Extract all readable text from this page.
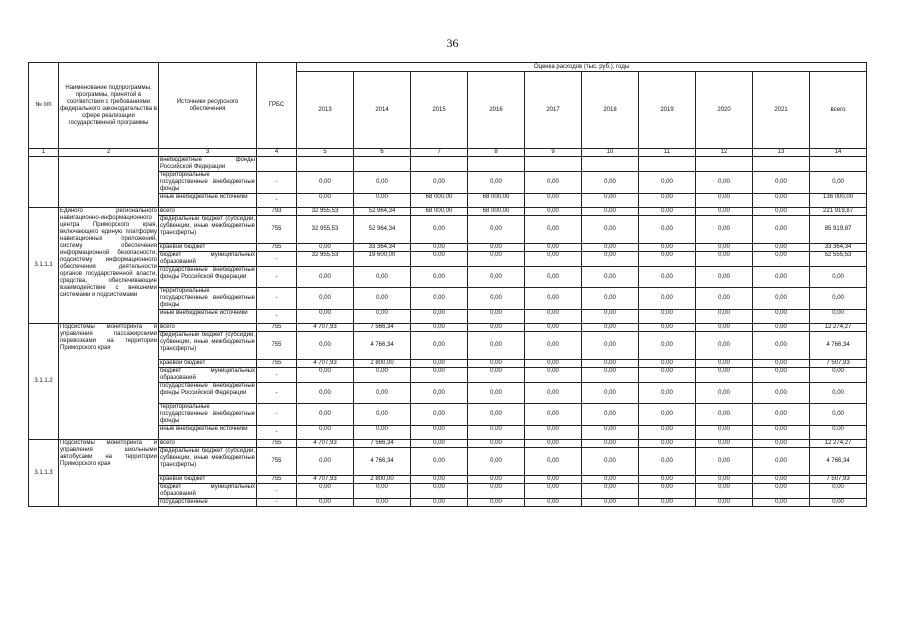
36
№ п/п	Наименование подпрограммы, программы, принятой в соответствии с требованиями федерального законодательства в сфере реализации государственной программы	Источники ресурсного обеспечения	ГРБС	Оценка расходов (тыс. руб.), годы									
				2013	2014	2015	2016	2017	2018	2019	2020	2021	всего
1	2	3	4	5	6	7	8	9	10	11	12	13	14
		внебюджетные фонды Российской Федерации											
		территориальные государственные внебюджетные фонды	-	0,00	0,00	0,00	0,00	0,00	0,00	0,00	0,00	0,00	0,00
		иные внебюджетные источники	-	0,00	0,00	68 000,00	68 000,00	0,00	0,00	0,00	0,00	0,00	136 000,00
3.1.1.1	Единого регионального навигационно-информационного центра Приморского края, включающего единую платформу навигационных приложений, систему обеспечения информационной безопасности, подсистему информационного обеспечения деятельности органов государственной власти, средства, обеспечивающие взаимодействие с внешними системами и подсистемами	всего	793	32 955,53	52 964,34	68 000,00	68 000,00	0,00	0,00	0,00	0,00	0,00	221 919,87
		федеральный бюджет (субсидии, субвенции, иные межбюджетные трансферты)	755	32 955,53	52 964,34	0,00	0,00	0,00	0,00	0,00	0,00	0,00	85 919,87
		краевой бюджет	755	0,00	33 364,34	0,00	0,00	0,00	0,00	0,00	0,00	0,00	33 364,34
		бюджет муниципальных образований	-	32 955,53	19 600,00	0,00	0,00	0,00	0,00	0,00	0,00	0,00	52 555,53
		государственные внебюджетные фонды Российской Федерации	-	0,00	0,00	0,00	0,00	0,00	0,00	0,00	0,00	0,00	0,00
		территориальные государственные внебюджетные фонды	-	0,00	0,00	0,00	0,00	0,00	0,00	0,00	0,00	0,00	0,00
		иные внебюджетные источники	-	0,00	0,00	0,00	0,00	0,00	0,00	0,00	0,00	0,00	0,00
3.1.1.2	Подсистемы мониторинга и управления пассажирскими перевозками на территории Приморского края	всего	755	4 707,93	7 566,34	0,00	0,00	0,00	0,00	0,00	0,00	0,00	12 274,27
		федеральный бюджет (субсидии, субвенции, иные межбюджетные трансферты)	755	0,00	4 766,34	0,00	0,00	0,00	0,00	0,00	0,00	0,00	4 766,34
		краевой бюджет	755	4 707,93	2 800,00	0,00	0,00	0,00	0,00	0,00	0,00	0,00	7 507,93
		бюджет муниципальных образований	-	0,00	0,00	0,00	0,00	0,00	0,00	0,00	0,00	0,00	0,00
		государственные внебюджетные фонды Российской Федерации	-	0,00	0,00	0,00	0,00	0,00	0,00	0,00	0,00	0,00	0,00
		территориальные государственные внебюджетные фонды	-	0,00	0,00	0,00	0,00	0,00	0,00	0,00	0,00	0,00	0,00
		иные внебюджетные источники	-	0,00	0,00	0,00	0,00	0,00	0,00	0,00	0,00	0,00	0,00
3.1.1.3	Подсистемы мониторинга и управления школьными автобусами на территории Приморского края	всего	755	4 707,93	7 566,34	0,00	0,00	0,00	0,00	0,00	0,00	0,00	12 274,27
		федеральный бюджет (субсидии, субвенции, иные межбюджетные трансферты)	755	0,00	4 766,34	0,00	0,00	0,00	0,00	0,00	0,00	0,00	4 766,34
		краевой бюджет	755	4 707,93	2 800,00	0,00	0,00	0,00	0,00	0,00	0,00	0,00	7 507,93
		бюджет муниципальных образований	-	0,00	0,00	0,00	0,00	0,00	0,00	0,00	0,00	0,00	0,00
		государственные	-	0,00	0,00	0,00	0,00	0,00	0,00	0,00	0,00	0,00	0,00
